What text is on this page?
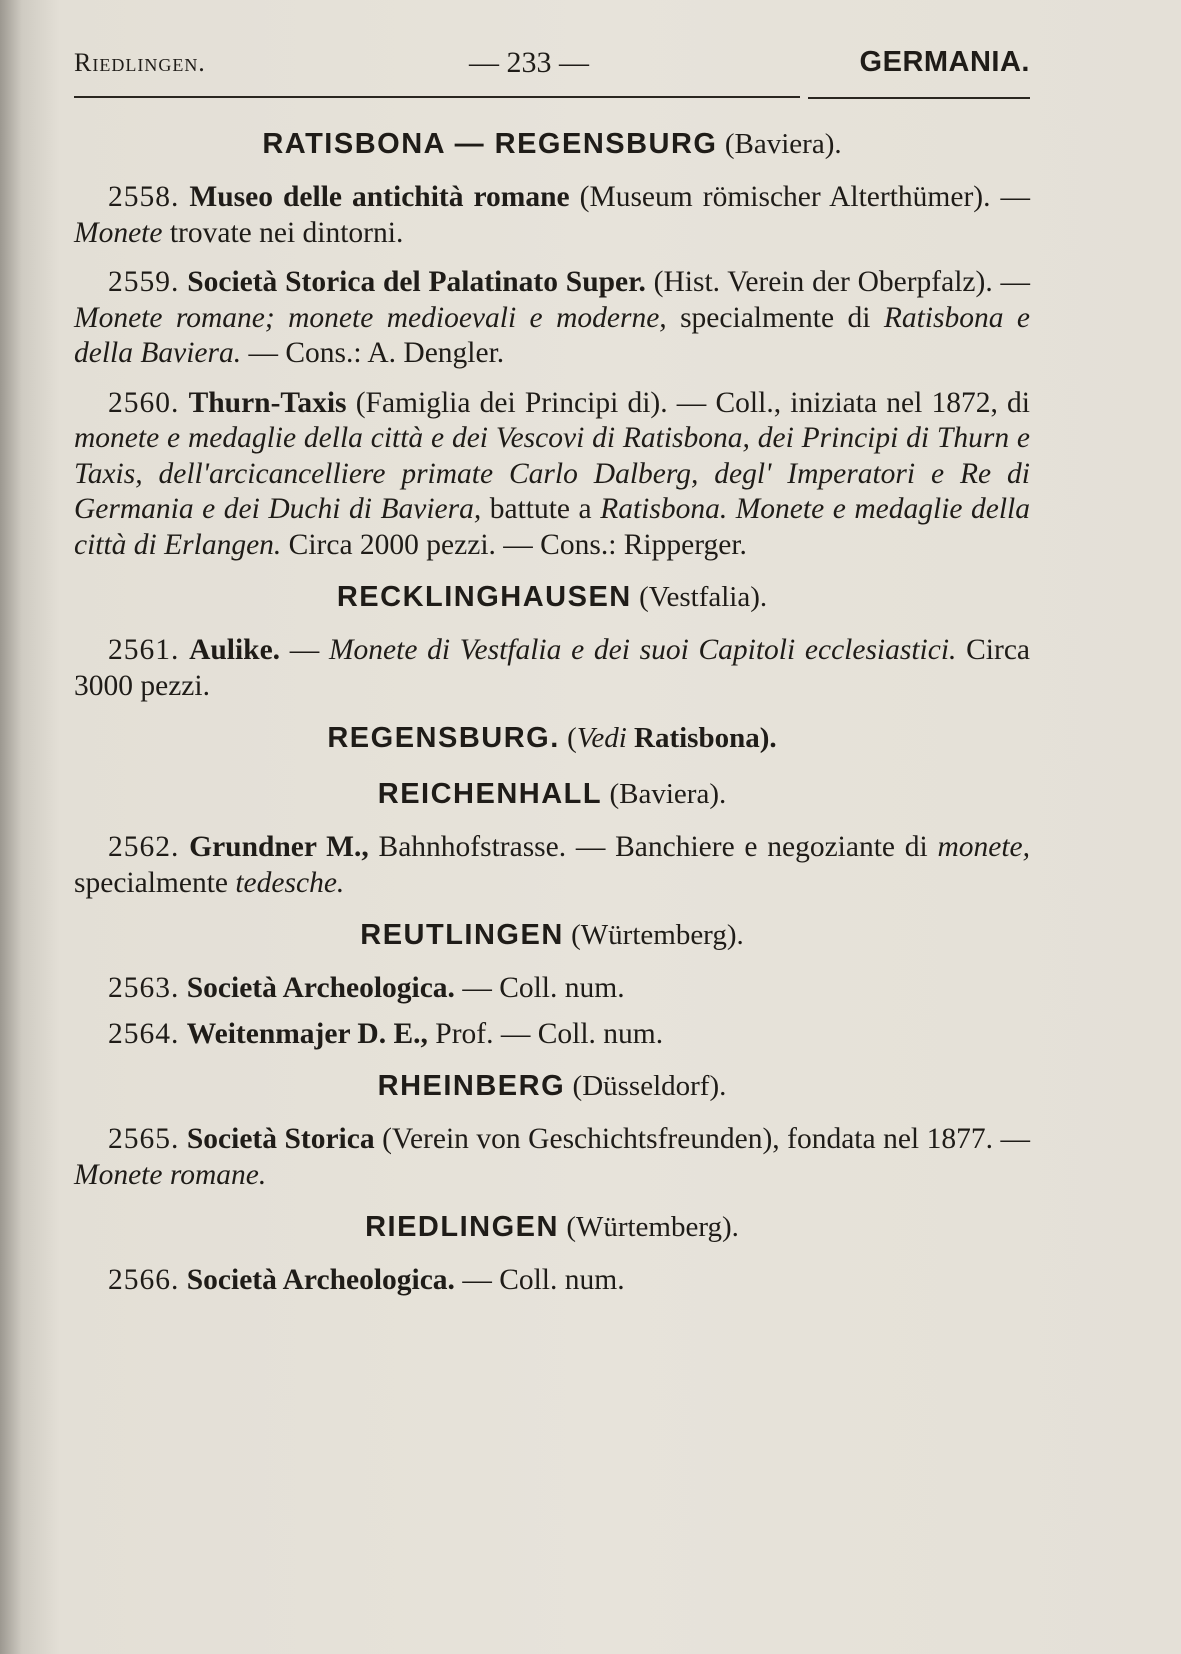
Riedlingen.	— 233 —	GERMANIA.
RATISBONA — REGENSBURG (Baviera).

2558. Museo delle antichità romane (Museum römischer Alterthümer). — Monete trovate nei dintorni.

2559. Società Storica del Palatinato Super. (Hist. Verein der Oberpfalz). — Monete romane; monete medioevali e moderne, specialmente di Ratisbona e della Baviera. — Cons.: A. Dengler.

2560. Thurn-Taxis (Famiglia dei Principi di). — Coll., iniziata nel 1872, di monete e medaglie della città e dei Vescovi di Ratisbona, dei Principi di Thurn e Taxis, dell'arcicancelliere primate Carlo Dalberg, degl' Imperatori e Re di Germania e dei Duchi di Baviera, battute a Ratisbona. Monete e medaglie della città di Erlangen. Circa 2000 pezzi. — Cons.: Ripperger.

RECKLINGHAUSEN (Vestfalia).

2561. Aulike. — Monete di Vestfalia e dei suoi Capitoli ecclesiastici. Circa 3000 pezzi.

REGENSBURG. (Vedi Ratisbona).
REICHENHALL (Baviera).

2562. Grundner M., Bahnhofstrasse. — Banchiere e negoziante di monete, specialmente tedesche.

REUTLINGEN (Würtemberg).

2563. Società Archeologica. — Coll. num.

2564. Weitenmajer D. E., Prof. — Coll. num.

RHEINBERG (Düsseldorf).

2565. Società Storica (Verein von Geschichtsfreunden), fondata nel 1877. — Monete romane.

RIEDLINGEN (Würtemberg).

2566. Società Archeologica. — Coll. num.
